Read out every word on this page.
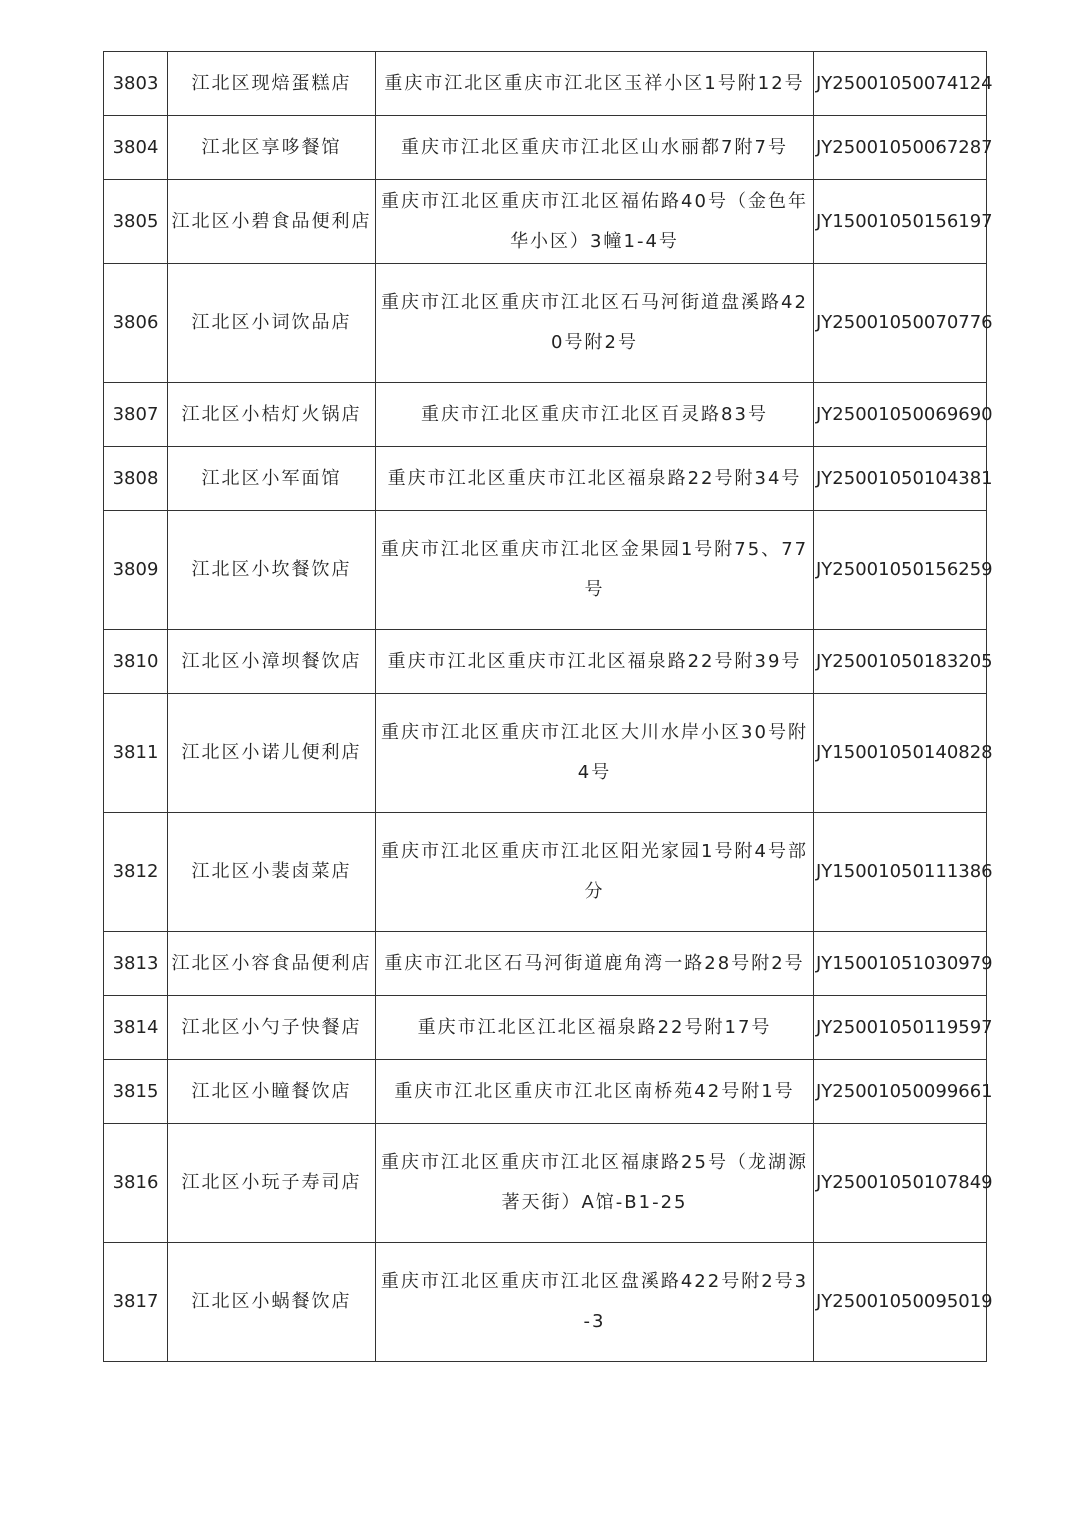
3803	江北区现焙蛋糕店	重庆市江北区重庆市江北区玉祥小区1号附12号	JY25001050074124
3804	江北区享哆餐馆	重庆市江北区重庆市江北区山水丽都7附7号	JY25001050067287
3805	江北区小碧食品便利店	重庆市江北区重庆市江北区福佑路40号（金色年华小区）3幢1-4号	JY15001050156197
3806	江北区小词饮品店	重庆市江北区重庆市江北区石马河街道盘溪路420号附2号	JY25001050070776
3807	江北区小桔灯火锅店	重庆市江北区重庆市江北区百灵路83号	JY25001050069690
3808	江北区小军面馆	重庆市江北区重庆市江北区福泉路22号附34号	JY25001050104381
3809	江北区小坎餐饮店	重庆市江北区重庆市江北区金果园1号附75、77号	JY25001050156259
3810	江北区小漳坝餐饮店	重庆市江北区重庆市江北区福泉路22号附39号	JY25001050183205
3811	江北区小诺儿便利店	重庆市江北区重庆市江北区大川水岸小区30号附4号	JY15001050140828
3812	江北区小裴卤菜店	重庆市江北区重庆市江北区阳光家园1号附4号部分	JY15001050111386
3813	江北区小容食品便利店	重庆市江北区石马河街道鹿角湾一路28号附2号	JY15001051030979
3814	江北区小勺子快餐店	重庆市江北区江北区福泉路22号附17号	JY25001050119597
3815	江北区小瞳餐饮店	重庆市江北区重庆市江北区南桥苑42号附1号	JY25001050099661
3816	江北区小玩子寿司店	重庆市江北区重庆市江北区福康路25号（龙湖源著天街）A馆-B1-25	JY25001050107849
3817	江北区小蜗餐饮店	重庆市江北区重庆市江北区盘溪路422号附2号3-3	JY25001050095019
